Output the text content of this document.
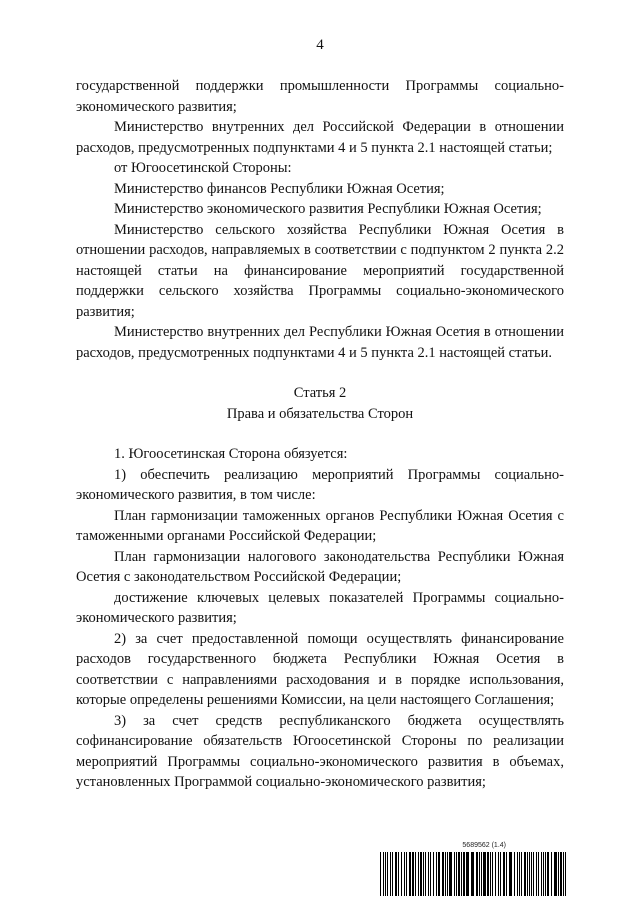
4

государственной поддержки промышленности Программы социально-экономического развития;

Министерство внутренних дел Российской Федерации в отношении расходов, предусмотренных подпунктами 4 и 5 пункта 2.1 настоящей статьи;

от Югоосетинской Стороны:

Министерство финансов Республики Южная Осетия;

Министерство экономического развития Республики Южная Осетия;

Министерство сельского хозяйства Республики Южная Осетия в отношении расходов, направляемых в соответствии с подпунктом 2 пункта 2.2 настоящей статьи на финансирование мероприятий государственной поддержки сельского хозяйства Программы социально-экономического развития;

Министерство внутренних дел Республики Южная Осетия в отношении расходов, предусмотренных подпунктами 4 и 5 пункта 2.1 настоящей статьи.

Статья 2

Права и обязательства Сторон

1. Югоосетинская Сторона обязуется:

1) обеспечить реализацию мероприятий Программы социально-экономического развития, в том числе:

План гармонизации таможенных органов Республики Южная Осетия с таможенными органами Российской Федерации;

План гармонизации налогового законодательства Республики Южная Осетия с законодательством Российской Федерации;

достижение ключевых целевых показателей Программы социально-экономического развития;

2) за счет предоставленной помощи осуществлять финансирование расходов государственного бюджета Республики Южная Осетия в соответствии с направлениями расходования и в порядке использования, которые определены решениями Комиссии, на цели настоящего Соглашения;

3) за счет средств республиканского бюджета осуществлять софинансирование обязательств Югоосетинской Стороны по реализации мероприятий Программы социально-экономического развития в объемах, установленных Программой социально-экономического развития;

5689562 (1.4)
